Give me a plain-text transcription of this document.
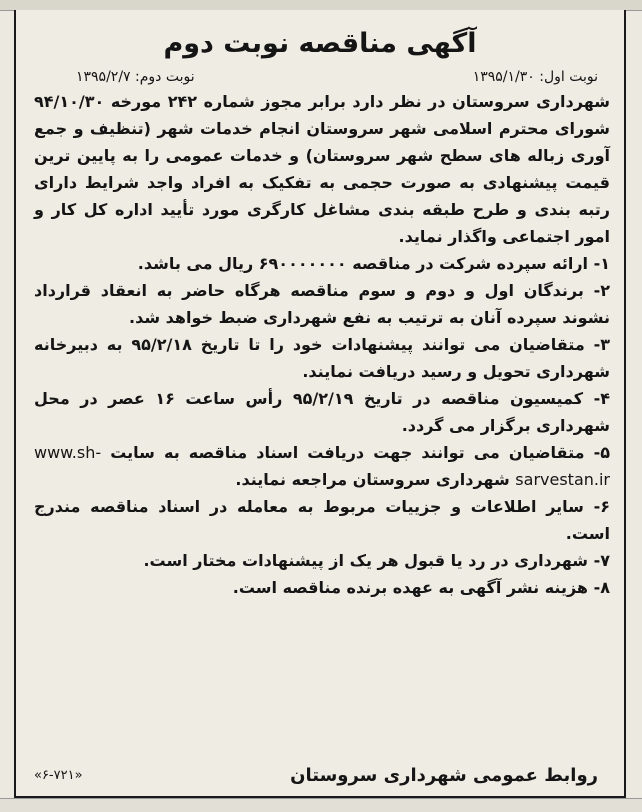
آگهی مناقصه نوبت دوم
نوبت اول: ۱۳۹۵/۱/۳۰
نوبت دوم: ۱۳۹۵/۲/۷

شهرداری سروستان در نظر دارد برابر مجوز شماره ۲۴۲ مورخه ۹۴/۱۰/۳۰ شورای محترم اسلامی شهر سروستان انجام خدمات شهر (تنظیف و جمع آوری زباله های سطح شهر سروستان) و خدمات عمومی را به پایین ترین قیمت پیشنهادی به صورت حجمی به تفکیک به افراد واجد شرایط دارای رتبه بندی و طرح طبقه بندی مشاغل کارگری مورد تأیید اداره کل کار و امور اجتماعی واگذار نماید.

۱- ارائه سپرده شرکت در مناقصه ۶۹۰۰۰۰۰۰۰ ریال می باشد.

۲- برندگان اول و دوم و سوم مناقصه هرگاه حاضر به انعقاد قرارداد نشوند سپرده آنان به ترتیب به نفع شهرداری ضبط خواهد شد.

۳- متقاضیان می توانند پیشنهادات خود را تا تاریخ ۹۵/۲/۱۸ به دبیرخانه شهرداری تحویل و رسید دریافت نمایند.

۴- کمیسیون مناقصه در تاریخ ۹۵/۲/۱۹ رأس ساعت ۱۶ عصر در محل شهرداری برگزار می گردد.

۵- متقاضیان می توانند جهت دریافت اسناد مناقصه به سایت www.sh-sarvestan.ir شهرداری سروستان مراجعه نمایند.

۶- سایر اطلاعات و جزییات مربوط به معامله در اسناد مناقصه مندرج است.

۷- شهرداری در رد یا قبول هر یک از پیشنهادات مختار است.

۸- هزینه نشر آگهی به عهده برنده مناقصه است.

روابط عمومی شهرداری سروستان
«۶-۷۲۱»
